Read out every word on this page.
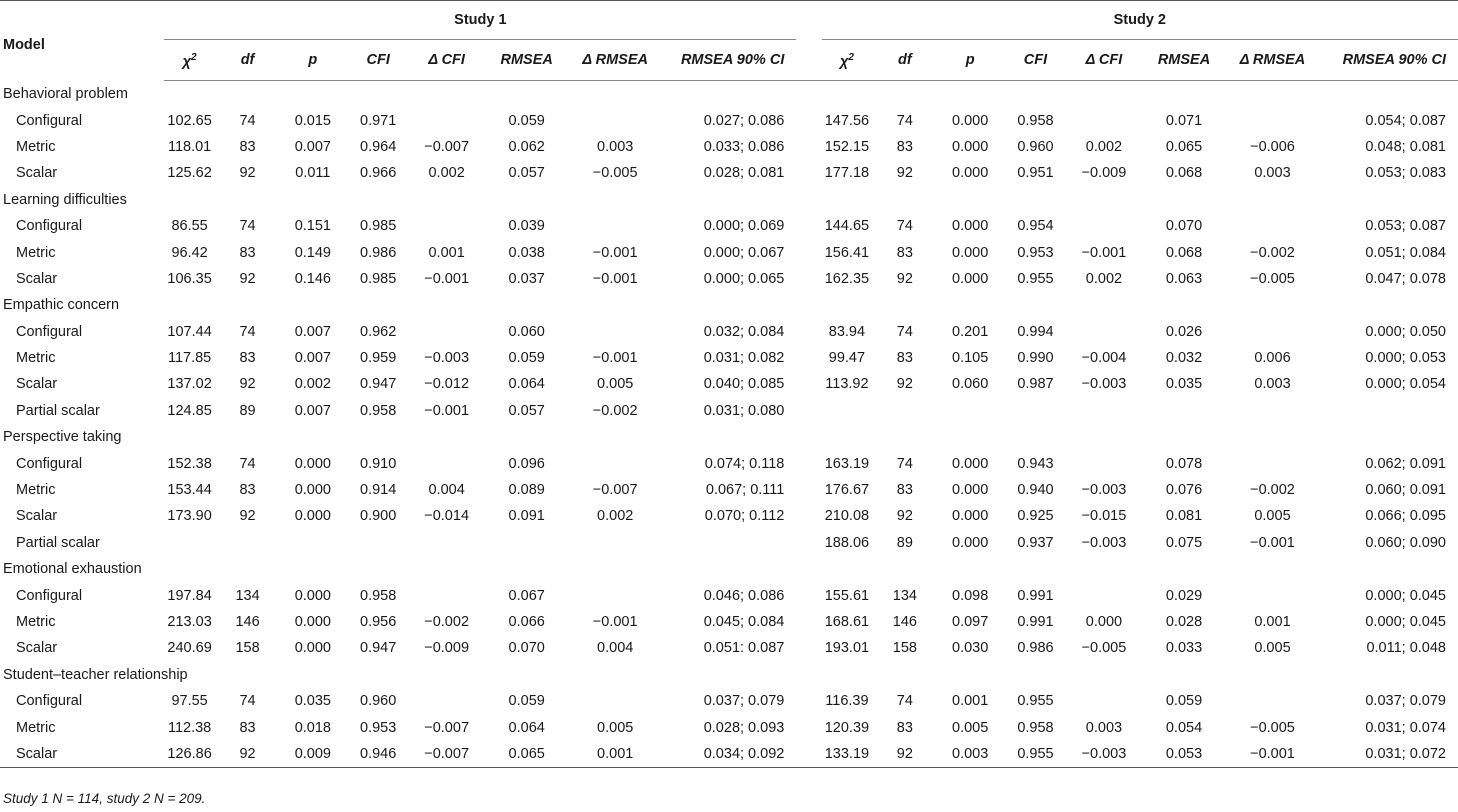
Model	Study 1									Study 2							
	$\chi^2$	df	p	CFI	Δ CFI	RMSEA	Δ RMSEA	RMSEA 90% CI		$\chi^2$	df	p	CFI	Δ CFI	RMSEA	Δ RMSEA	RMSEA 90% CI
Behavioral problem																	
Configural	102.65	74	0.015	0.971		0.059		0.027; 0.086		147.56	74	0.000	0.958		0.071		0.054; 0.087
Metric	118.01	83	0.007	0.964	−0.007	0.062	0.003	0.033; 0.086		152.15	83	0.000	0.960	0.002	0.065	−0.006	0.048; 0.081
Scalar	125.62	92	0.011	0.966	0.002	0.057	−0.005	0.028; 0.081		177.18	92	0.000	0.951	−0.009	0.068	0.003	0.053; 0.083
Learning difficulties																	
Configural	86.55	74	0.151	0.985		0.039		0.000; 0.069		144.65	74	0.000	0.954		0.070		0.053; 0.087
Metric	96.42	83	0.149	0.986	0.001	0.038	−0.001	0.000; 0.067		156.41	83	0.000	0.953	−0.001	0.068	−0.002	0.051; 0.084
Scalar	106.35	92	0.146	0.985	−0.001	0.037	−0.001	0.000; 0.065		162.35	92	0.000	0.955	0.002	0.063	−0.005	0.047; 0.078
Empathic concern																	
Configural	107.44	74	0.007	0.962		0.060		0.032; 0.084		83.94	74	0.201	0.994		0.026		0.000; 0.050
Metric	117.85	83	0.007	0.959	−0.003	0.059	−0.001	0.031; 0.082		99.47	83	0.105	0.990	−0.004	0.032	0.006	0.000; 0.053
Scalar	137.02	92	0.002	0.947	−0.012	0.064	0.005	0.040; 0.085		113.92	92	0.060	0.987	−0.003	0.035	0.003	0.000; 0.054
Partial scalar	124.85	89	0.007	0.958	−0.001	0.057	−0.002	0.031; 0.080									
Perspective taking																	
Configural	152.38	74	0.000	0.910		0.096		0.074; 0.118		163.19	74	0.000	0.943		0.078		0.062; 0.091
Metric	153.44	83	0.000	0.914	0.004	0.089	−0.007	0.067; 0.111		176.67	83	0.000	0.940	−0.003	0.076	−0.002	0.060; 0.091
Scalar	173.90	92	0.000	0.900	−0.014	0.091	0.002	0.070; 0.112		210.08	92	0.000	0.925	−0.015	0.081	0.005	0.066; 0.095
Partial scalar										188.06	89	0.000	0.937	−0.003	0.075	−0.001	0.060; 0.090
Emotional exhaustion																	
Configural	197.84	134	0.000	0.958		0.067		0.046; 0.086		155.61	134	0.098	0.991		0.029		0.000; 0.045
Metric	213.03	146	0.000	0.956	−0.002	0.066	−0.001	0.045; 0.084		168.61	146	0.097	0.991	0.000	0.028	0.001	0.000; 0.045
Scalar	240.69	158	0.000	0.947	−0.009	0.070	0.004	0.051: 0.087		193.01	158	0.030	0.986	−0.005	0.033	0.005	0.011; 0.048
Student–teacher relationship																	
Configural	97.55	74	0.035	0.960		0.059		0.037; 0.079		116.39	74	0.001	0.955		0.059		0.037; 0.079
Metric	112.38	83	0.018	0.953	−0.007	0.064	0.005	0.028; 0.093		120.39	83	0.005	0.958	0.003	0.054	−0.005	0.031; 0.074
Scalar	126.86	92	0.009	0.946	−0.007	0.065	0.001	0.034; 0.092		133.19	92	0.003	0.955	−0.003	0.053	−0.001	0.031; 0.072
Study 1 N = 114, study 2 N = 209.
